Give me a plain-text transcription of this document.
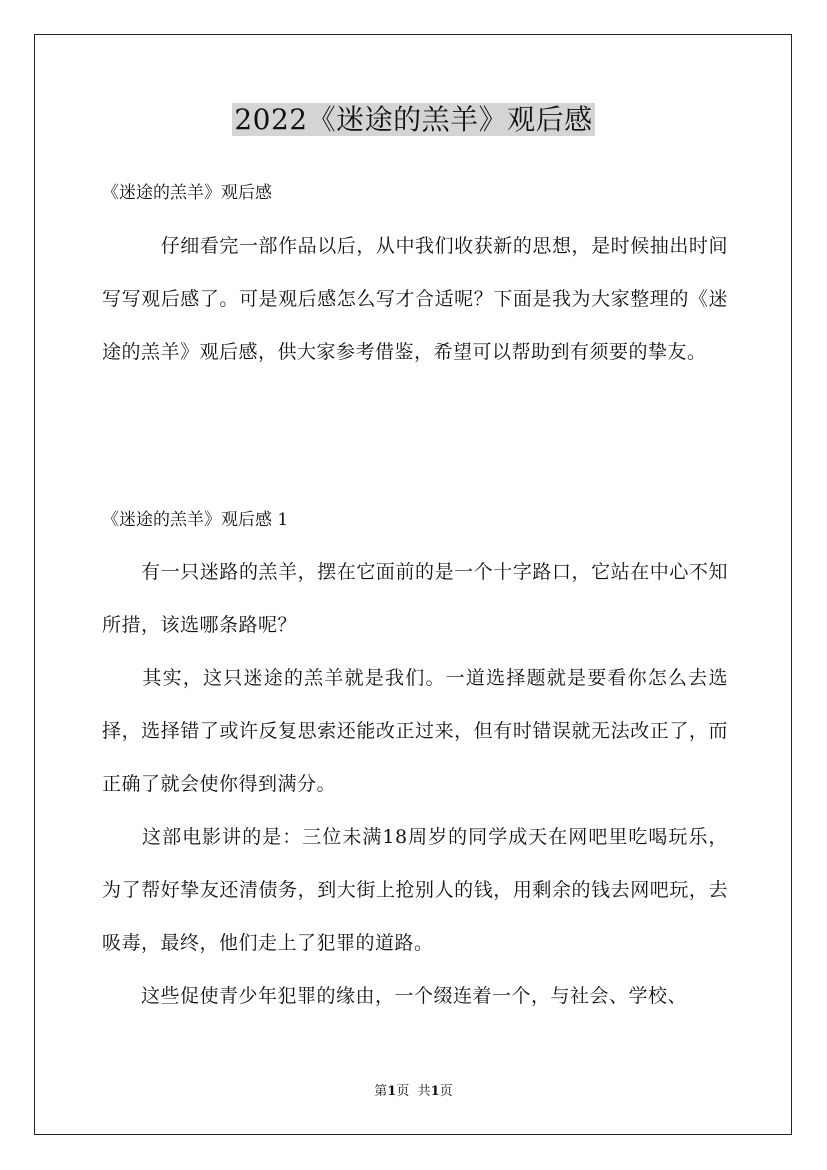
2022《迷途的羔羊》观后感
《迷途的羔羊》观后感

　　　仔细看完一部作品以后，从中我们收获新的思想，是时候抽出时间写写观后感了。可是观后感怎么写才合适呢？下面是我为大家整理的《迷途的羔羊》观后感，供大家参考借鉴，希望可以帮助到有须要的挚友。

《迷途的羔羊》观后感 1

　　有一只迷路的羔羊，摆在它面前的是一个十字路口，它站在中心不知所措，该选哪条路呢？

　　其实，这只迷途的羔羊就是我们。一道选择题就是要看你怎么去选择，选择错了或许反复思索还能改正过来，但有时错误就无法改正了，而正确了就会使你得到满分。

　　这部电影讲的是：三位未满18周岁的同学成天在网吧里吃喝玩乐，为了帮好挚友还清债务，到大街上抢别人的钱，用剩余的钱去网吧玩，去吸毒，最终，他们走上了犯罪的道路。

　　这些促使青少年犯罪的缘由，一个缀连着一个，与社会、学校、

第1页 共1页
